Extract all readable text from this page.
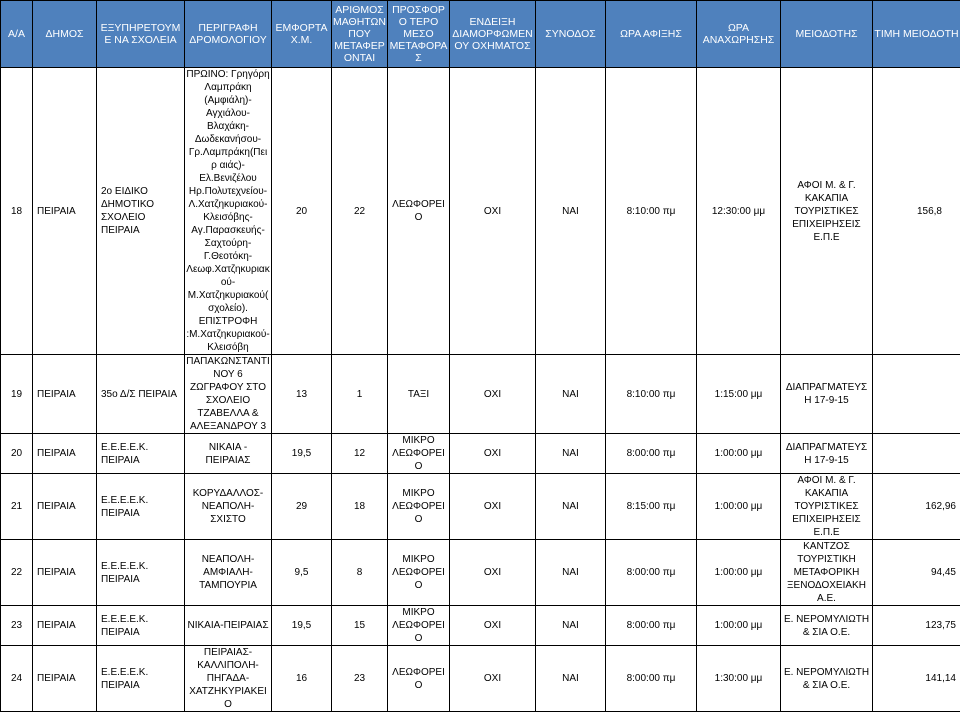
Α/Α	ΔΗΜΟΣ	ΕΞΥΠΗΡΕΤΟΥΜΕ ΝΑ ΣΧΟΛΕΙΑ	ΠΕΡΙΓΡΑΦΗ ΔΡΟΜΟΛΟΓΙΟΥ	ΕΜΦΟΡΤΑ Χ.Μ.	ΑΡΙΘΜΟΣ ΜΑΘΗΤΩΝ ΠΟΥ ΜΕΤΑΦΕΡ ΟΝΤΑΙ	ΠΡΟΣΦΟΡΟ ΤΕΡΟ ΜΕΣΟ ΜΕΤΑΦΟΡΑ Σ	ΕΝΔΕΙΞΗ ΔΙΑΜΟΡΦΩΜΕΝ ΟΥ ΟΧΗΜΑΤΟΣ	ΣΥΝΟΔΟΣ	ΩΡΑ ΑΦΙΞΗΣ	ΩΡΑ ΑΝΑΧΩΡΗΣΗΣ	ΜΕΙΟΔΟΤΗΣ	ΤΙΜΗ ΜΕΙΟΔΟΤΗ
18	ΠΕΙΡΑΙΑ	2ο ΕΙΔΙΚΟ ΔΗΜΟΤΙΚΟ ΣΧΟΛΕΙΟ ΠΕΙΡΑΙΑ	ΠΡΩΙΝΟ: Γρηγόρη Λαμπράκη (Αμφιάλη)- Αγχιάλου-Βλαχάκη- Δωδεκανήσου- Γρ.Λαμπράκη(Πειρ αιάς)-Ελ.Βενιζέλου Ηρ.Πολυτεχνείου- Λ.Χατζηκυριακού- Κλεισόβης- Αγ.Παρασκευής- Σαχτούρη- Γ.Θεοτόκη- Λεωφ.Χατζηκυριακ ού- Μ.Χατζηκυριακού( σχολείο). ΕΠΙΣΤΡΟΦΗ :Μ.Χατζηκυριακού- Κλεισόβη	20	22	ΛΕΩΦΟΡΕΙΟ	ΟΧΙ	ΝΑΙ	8:10:00 πμ	12:30:00 μμ	ΑΦΟΙ Μ. & Γ. ΚΑΚΑΠΙΑ ΤΟΥΡΙΣΤΙΚΕΣ ΕΠΙΧΕΙΡΗΣΕΙΣ Ε.Π.Ε	156,8
19	ΠΕΙΡΑΙΑ	35ο Δ/Σ ΠΕΙΡΑΙΑ	ΠΑΠΑΚΩΝΣΤΑΝΤΙ ΝΟΥ 6 ΖΩΓΡΑΦΟΥ ΣΤΟ ΣΧΟΛΕΙΟ ΤΖΑΒΕΛΛΑ & ΑΛΕΞΑΝΔΡΟΥ 3	13	1	ΤΑΞΙ	ΟΧΙ	ΝΑΙ	8:10:00 πμ	1:15:00 μμ	ΔΙΑΠΡΑΓΜΑΤΕΥΣ Η 17-9-15	
20	ΠΕΙΡΑΙΑ	Ε.Ε.Ε.Ε.Κ. ΠΕΙΡΑΙΑ	ΝΙΚΑΙΑ - ΠΕΙΡΑΙΑΣ	19,5	12	ΜΙΚΡΟ ΛΕΩΦΟΡΕΙΟ	ΟΧΙ	ΝΑΙ	8:00:00 πμ	1:00:00 μμ	ΔΙΑΠΡΑΓΜΑΤΕΥΣ Η 17-9-15	
21	ΠΕΙΡΑΙΑ	Ε.Ε.Ε.Ε.Κ. ΠΕΙΡΑΙΑ	ΚΟΡΥΔΑΛΛΟΣ- ΝΕΑΠΟΛΗ- ΣΧΙΣΤΟ	29	18	ΜΙΚΡΟ ΛΕΩΦΟΡΕΙΟ	ΟΧΙ	ΝΑΙ	8:15:00 πμ	1:00:00 μμ	ΑΦΟΙ Μ. & Γ. ΚΑΚΑΠΙΑ ΤΟΥΡΙΣΤΙΚΕΣ ΕΠΙΧΕΙΡΗΣΕΙΣ Ε.Π.Ε	162,96
22	ΠΕΙΡΑΙΑ	Ε.Ε.Ε.Ε.Κ. ΠΕΙΡΑΙΑ	ΝΕΑΠΟΛΗ- ΑΜΦΙΑΛΗ- ΤΑΜΠΟΥΡΙΑ	9,5	8	ΜΙΚΡΟ ΛΕΩΦΟΡΕΙΟ	ΟΧΙ	ΝΑΙ	8:00:00 πμ	1:00:00 μμ	ΚΑΝΤΖΟΣ ΤΟΥΡΙΣΤΙΚΗ ΜΕΤΑΦΟΡΙΚΗ ΞΕΝΟΔΟΧΕΙΑΚΗ Α.Ε.	94,45
23	ΠΕΙΡΑΙΑ	Ε.Ε.Ε.Ε.Κ. ΠΕΙΡΑΙΑ	ΝΙΚΑΙΑ-ΠΕΙΡΑΙΑΣ	19,5	15	ΜΙΚΡΟ ΛΕΩΦΟΡΕΙΟ	ΟΧΙ	ΝΑΙ	8:00:00 πμ	1:00:00 μμ	Ε. ΝΕΡΟΜΥΛΙΩΤΗ & ΣΙΑ Ο.Ε.	123,75
24	ΠΕΙΡΑΙΑ	Ε.Ε.Ε.Ε.Κ. ΠΕΙΡΑΙΑ	ΠΕΙΡΑΙΑΣ- ΚΑΛΛΙΠΟΛΗ- ΠΗΓΑΔΑ- ΧΑΤΖΗΚΥΡΙΑΚΕΙ Ο	16	23	ΛΕΩΦΟΡΕΙΟ	ΟΧΙ	ΝΑΙ	8:00:00 πμ	1:30:00 μμ	Ε. ΝΕΡΟΜΥΛΙΩΤΗ & ΣΙΑ Ο.Ε.	141,14
